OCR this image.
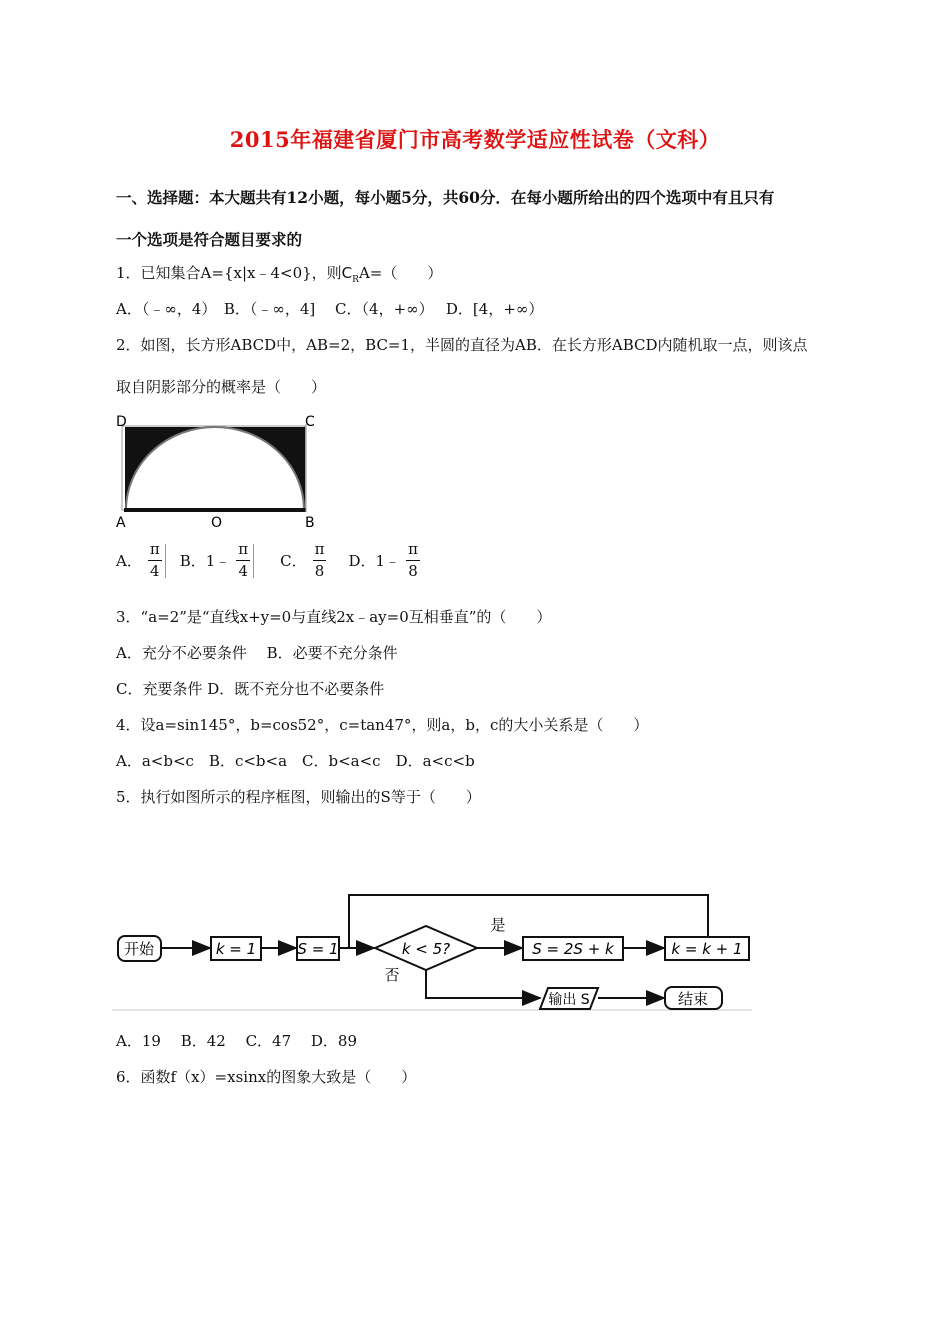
2015年福建省厦门市高考数学适应性试卷（文科）
一、选择题：本大题共有12小题，每小题5分，共60分．在每小题所给出的四个选项中有且只有
一个选项是符合题目要求的
1．已知集合A={x|x﹣4<0}，则$C_RA=$（　　）
A．（﹣∞，4）　B．（﹣∞，4]　 C．（4，+∞）　 D．[4，+∞）
2．如图，长方形ABCD中，AB=2，BC=1，半圆的直径为AB．在长方形ABCD内随机取一点，则该点
取自阴影部分的概率是（　　）
D	C
A	O	B
A． $\frac{\pi}{4}$ B．1﹣ $\frac{\pi}{4}$ C． $\frac{\pi}{8}$ D．1﹣ $\frac{\pi}{8}$
3．“a=2”是“直线x+y=0与直线2x﹣ay=0互相垂直”的（　　）
A．充分不必要条件　 B．必要不充分条件
C．充要条件 D．既不充分也不必要条件
4．设a=sin145°，b=cos52°，c=tan47°，则a，b，c的大小关系是（　　）
A．a<b<c　B．c<b<a　C．b<a<c　D．a<c<b
5．执行如图所示的程序框图，则输出的S等于（　　）
开始	k = 1	S = 1	k < 5?
是
否
S = 2S + k	k = k + 1
输出 S	结束
A．19　 B．42　 C．47　 D．89
6．函数f（x）=xsinx的图象大致是（　　）
